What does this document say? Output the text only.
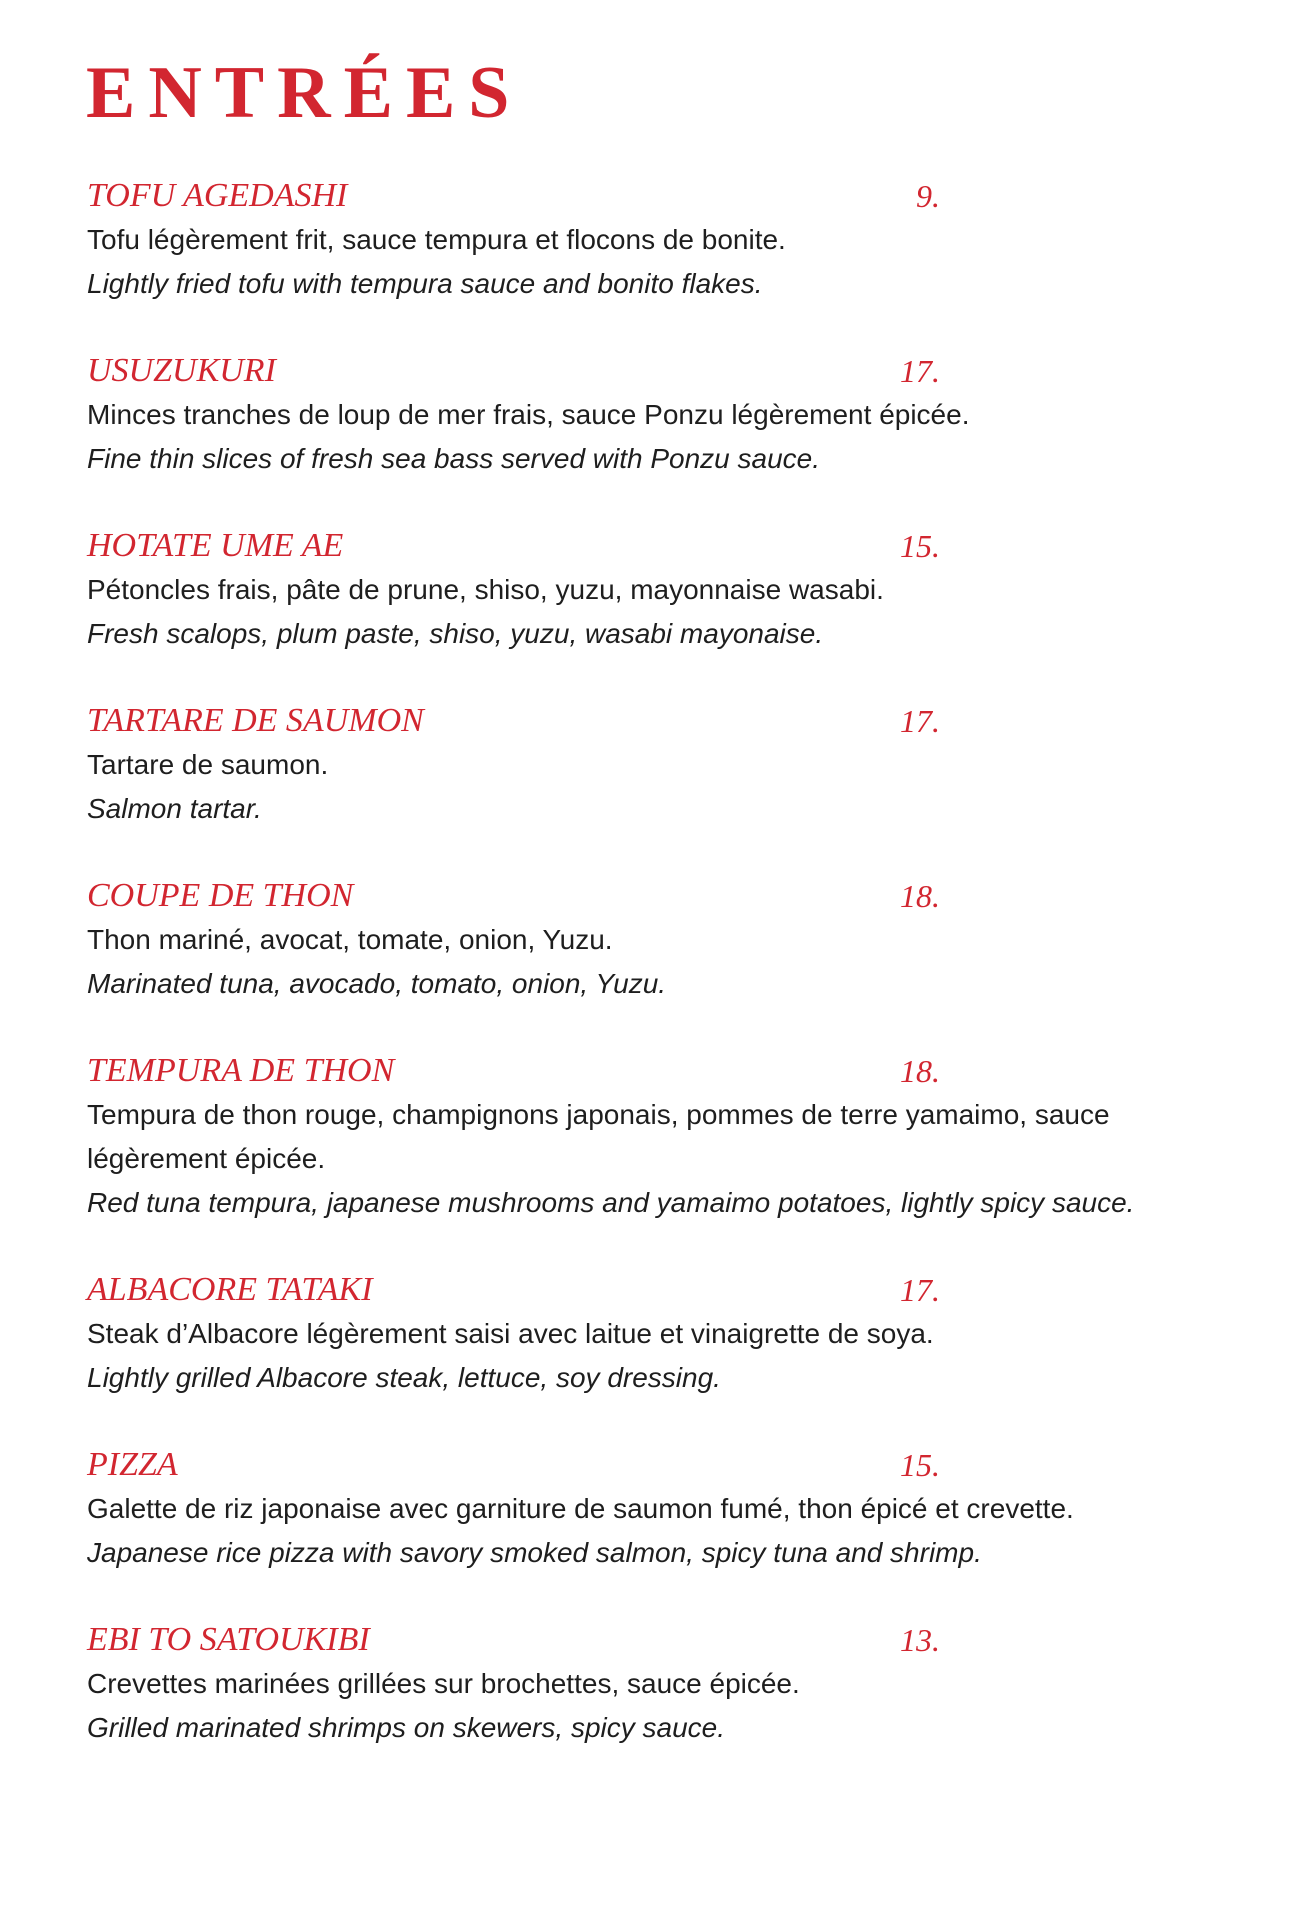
ENTRÉES
TOFU AGEDASHI	9.

Tofu légèrement frit, sauce tempura et flocons de bonite.

Lightly fried tofu with tempura sauce and bonito flakes.

USUZUKURI	17.

Minces tranches de loup de mer frais, sauce Ponzu légèrement épicée.

Fine thin slices of fresh sea bass served with Ponzu sauce.

HOTATE UME AE	15.

Pétoncles frais, pâte de prune, shiso, yuzu, mayonnaise wasabi.

Fresh scalops, plum paste, shiso, yuzu, wasabi mayonaise.

TARTARE DE SAUMON	17.

Tartare de saumon.

Salmon tartar.

COUPE DE THON	18.

Thon mariné, avocat, tomate, onion, Yuzu.

Marinated tuna, avocado, tomato, onion, Yuzu.

TEMPURA DE THON	18.

Tempura de thon rouge, champignons japonais, pommes de terre yamaimo, sauce légèrement épicée.

Red tuna tempura, japanese mushrooms and yamaimo potatoes, lightly spicy sauce.

ALBACORE TATAKI	17.

Steak d’Albacore légèrement saisi avec laitue et vinaigrette de soya.

Lightly grilled Albacore steak, lettuce, soy dressing.

PIZZA	15.

Galette de riz japonaise avec garniture de saumon fumé, thon épicé et crevette.

Japanese rice pizza with savory smoked salmon, spicy tuna and shrimp.

EBI TO SATOUKIBI	13.

Crevettes marinées grillées sur brochettes, sauce épicée.

Grilled marinated shrimps on skewers, spicy sauce.
